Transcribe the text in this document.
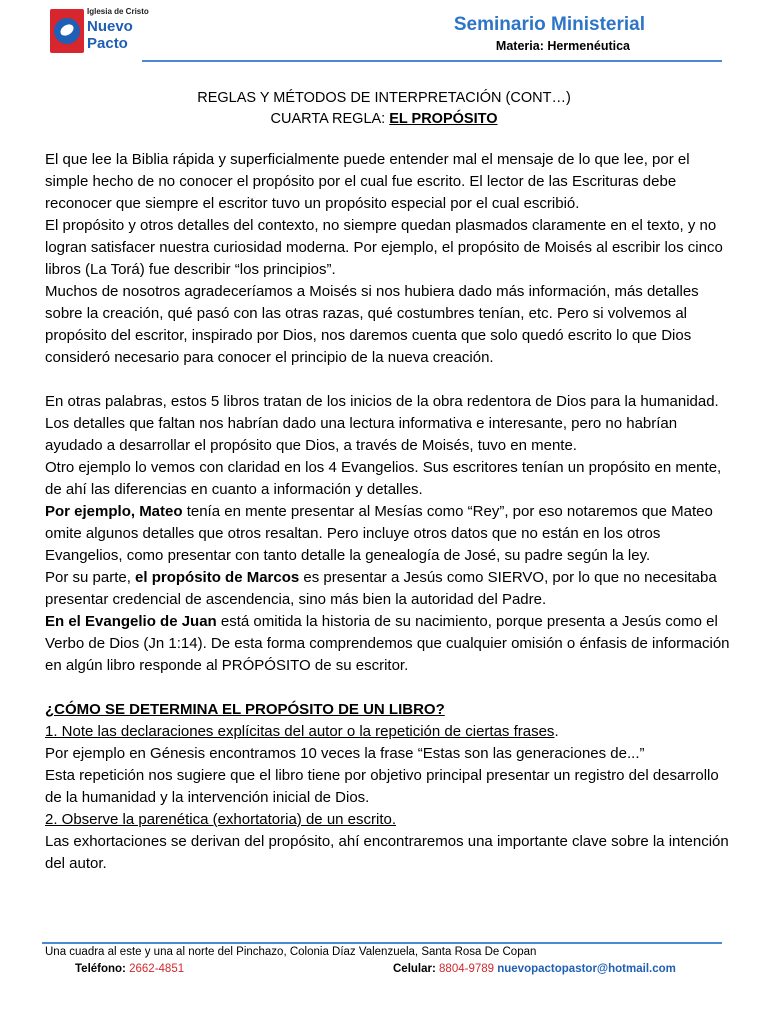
Iglesia de Cristo
Nuevo
Pacto
Seminario Ministerial
Materia: Hermenéutica
REGLAS Y MÉTODOS DE INTERPRETACIÓN (CONT…)
CUARTA REGLA: EL PROPÓSITO

El que lee la Biblia rápida y superficialmente puede entender mal el mensaje de lo que lee, por el simple hecho de no conocer el propósito por el cual fue escrito. El lector de las Escrituras debe reconocer que siempre el escritor tuvo un propósito especial por el cual escribió.

El propósito y otros detalles del contexto, no siempre quedan plasmados claramente en el texto, y no logran satisfacer nuestra curiosidad moderna. Por ejemplo, el propósito de Moisés al escribir los cinco libros (La Torá) fue describir “los principios”.

Muchos de nosotros agradeceríamos a Moisés si nos hubiera dado más información, más detalles sobre la creación, qué pasó con las otras razas, qué costumbres tenían, etc. Pero si volvemos al propósito del escritor, inspirado por Dios, nos daremos cuenta que solo quedó escrito lo que Dios consideró necesario para conocer el principio de la nueva creación.

En otras palabras, estos 5 libros tratan de los inicios de la obra redentora de Dios para la humanidad. Los detalles que faltan nos habrían dado una lectura informativa e interesante, pero no habrían ayudado a desarrollar el propósito que Dios, a través de Moisés, tuvo en mente.

Otro ejemplo lo vemos con claridad en los 4 Evangelios. Sus escritores tenían un propósito en mente, de ahí las diferencias en cuanto a información y detalles.

Por ejemplo, Mateo tenía en mente presentar al Mesías como “Rey”, por eso notaremos que Mateo omite algunos detalles que otros resaltan. Pero incluye otros datos que no están en los otros Evangelios, como presentar con tanto detalle la genealogía de José, su padre según la ley.

Por su parte, el propósito de Marcos es presentar a Jesús como SIERVO, por lo que no necesitaba presentar credencial de ascendencia, sino más bien la autoridad del Padre.

En el Evangelio de Juan está omitida la historia de su nacimiento, porque presenta a Jesús como el Verbo de Dios (Jn 1:14). De esta forma comprendemos que cualquier omisión o énfasis de información en algún libro responde al PRÓPÓSITO de su escritor.

¿CÓMO SE DETERMINA EL PROPÓSITO DE UN LIBRO?

1. Note las declaraciones explícitas del autor o la repetición de ciertas frases.

Por ejemplo en Génesis encontramos 10 veces la frase “Estas son las generaciones de...”

Esta repetición nos sugiere que el libro tiene por objetivo principal presentar un registro del desarrollo de la humanidad y la intervención inicial de Dios.

2. Observe la parenética (exhortatoria) de un escrito.

Las exhortaciones se derivan del propósito, ahí encontraremos una importante clave sobre la intención del autor.

Una cuadra al este y una al norte del Pinchazo, Colonia Díaz Valenzuela, Santa Rosa De Copan
Teléfono: 2662-4851	Celular: 8804-9789 nuevopactopastor@hotmail.com
